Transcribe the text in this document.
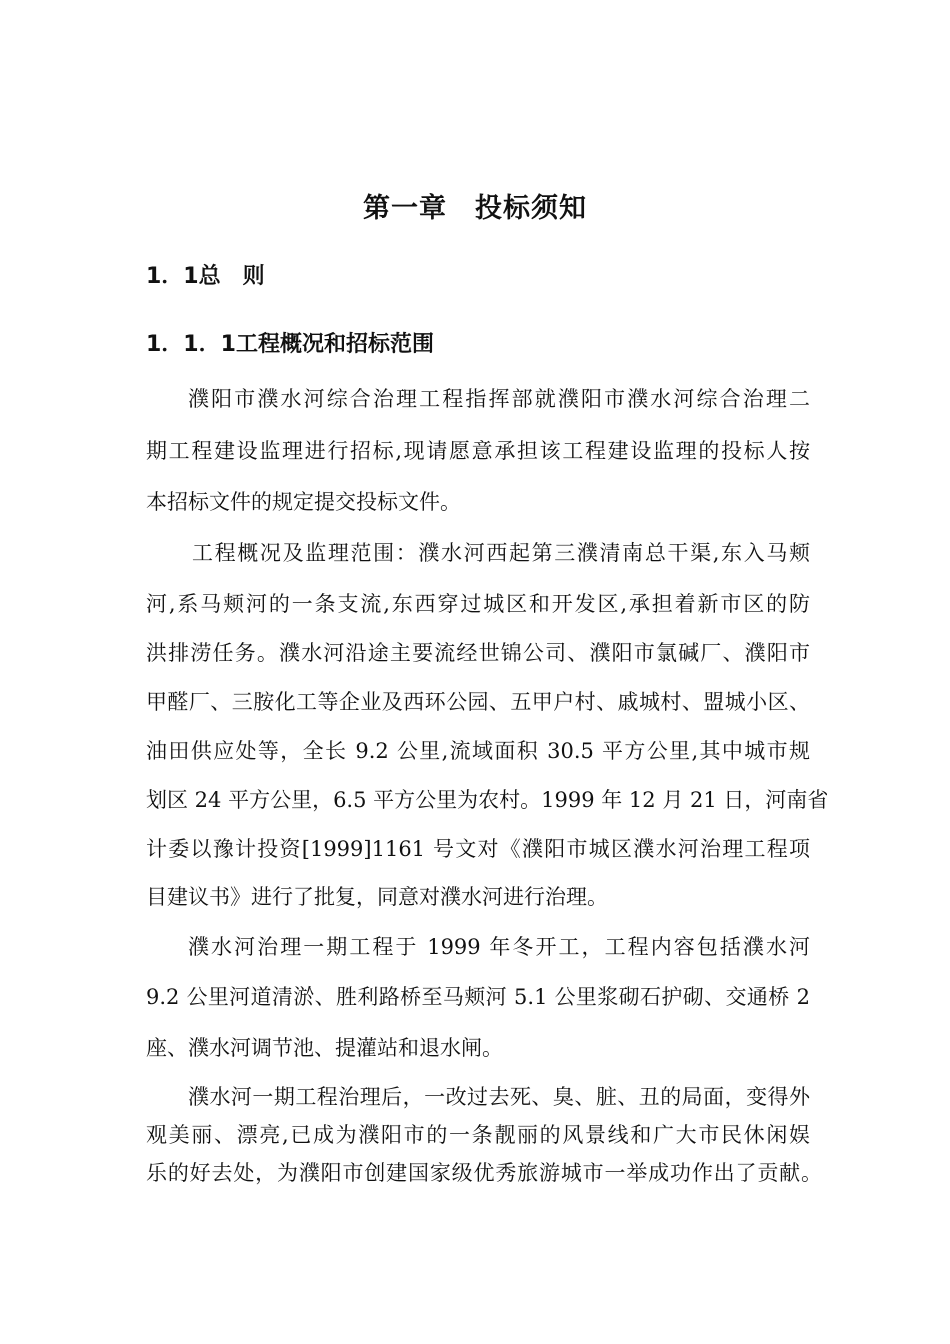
第一章　投标须知
1．1总　则
1．1．1工程概况和招标范围
濮阳市濮水河综合治理工程指挥部就濮阳市濮水河综合治理二
期工程建设监理进行招标,现请愿意承担该工程建设监理的投标人按
本招标文件的规定提交投标文件。
工程概况及监理范围：濮水河西起第三濮清南总干渠,东入马颊
河,系马颊河的一条支流,东西穿过城区和开发区,承担着新市区的防
洪排涝任务。濮水河沿途主要流经世锦公司、濮阳市氯碱厂、濮阳市
甲醛厂、三胺化工等企业及西环公园、五甲户村、戚城村、盟城小区、
油田供应处等，全长 9.2 公里,流域面积 30.5 平方公里,其中城市规
划区 24 平方公里，6.5 平方公里为农村。1999 年 12 月 21 日，河南省
计委以豫计投资[1999]1161 号文对《濮阳市城区濮水河治理工程项
目建议书》进行了批复，同意对濮水河进行治理。
濮水河治理一期工程于 1999 年冬开工，工程内容包括濮水河
9.2 公里河道清淤、胜利路桥至马颊河 5.1 公里浆砌石护砌、交通桥 2
座、濮水河调节池、提灌站和退水闸。
濮水河一期工程治理后，一改过去死、臭、脏、丑的局面，变得外
观美丽、漂亮,已成为濮阳市的一条靓丽的风景线和广大市民休闲娱
乐的好去处，为濮阳市创建国家级优秀旅游城市一举成功作出了贡献。
